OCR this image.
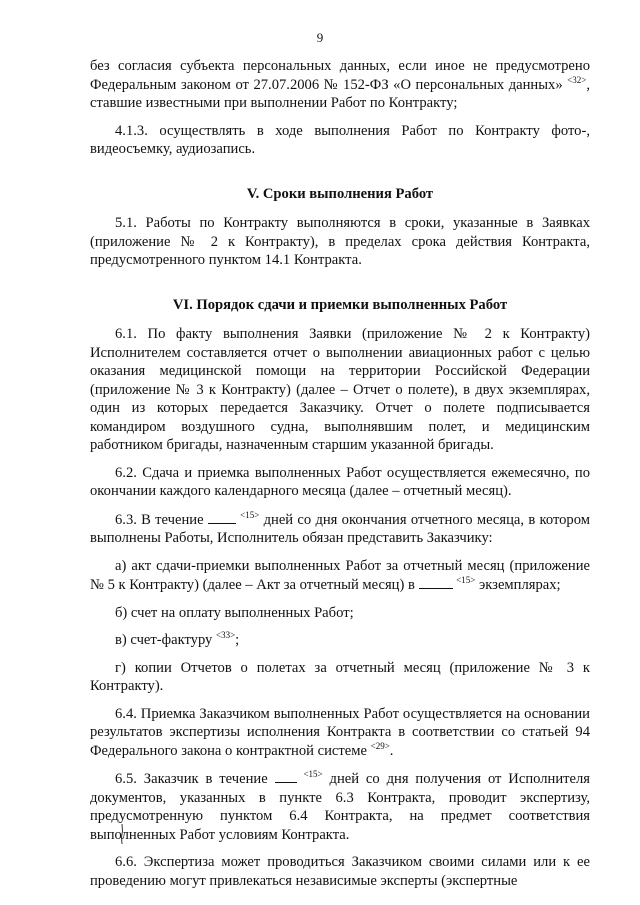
9

без согласия субъекта персональных данных, если иное не предусмотрено Федеральным законом от 27.07.2006 № 152-ФЗ «О персональных данных» $^{<32>}$, ставшие известными при выполнении Работ по Контракту;

4.1.3. осуществлять в ходе выполнения Работ по Контракту фото-, видеосъемку, аудиозапись.

V. Сроки выполнения Работ

5.1. Работы по Контракту выполняются в сроки, указанные в Заявках (приложение № 2 к Контракту), в пределах срока действия Контракта, предусмотренного пунктом 14.1 Контракта.

VI. Порядок сдачи и приемки выполненных Работ

6.1. По факту выполнения Заявки (приложение № 2 к Контракту) Исполнителем составляется отчет о выполнении авиационных работ с целью оказания медицинской помощи на территории Российской Федерации (приложение № 3 к Контракту) (далее – Отчет о полете), в двух экземплярах, один из которых передается Заказчику. Отчет о полете подписывается командиром воздушного судна, выполнявшим полет, и медицинским работником бригады, назначенным старшим указанной бригады.

6.2. Сдача и приемка выполненных Работ осуществляется ежемесячно, по окончании каждого календарного месяца (далее – отчетный месяц).

6.3. В течение	$^{<15>}$ дней со дня окончания отчетного месяца, в котором выполнены Работы, Исполнитель обязан представить Заказчику:

а) акт сдачи-приемки выполненных Работ за отчетный месяц (приложение № 5 к Контракту) (далее – Акт за отчетный месяц) в	$^{<15>}$ экземплярах;

б) счет на оплату выполненных Работ;

в) счет-фактуру $^{<33>}$;

г) копии Отчетов о полетах за отчетный месяц (приложение № 3 к Контракту).

6.4. Приемка Заказчиком выполненных Работ осуществляется на основании результатов экспертизы исполнения Контракта в соответствии со статьей 94 Федерального закона о контрактной системе $^{<29>}$.

6.5. Заказчик в течение	$^{<15>}$ дней со дня получения от Исполнителя документов, указанных в пункте 6.3 Контракта, проводит экспертизу, предусмотренную пунктом 6.4 Контракта, на предмет соответствия выполненных Работ условиям Контракта.

6.6. Экспертиза может проводиться Заказчиком своими силами или к ее проведению могут привлекаться независимые эксперты (экспертные
